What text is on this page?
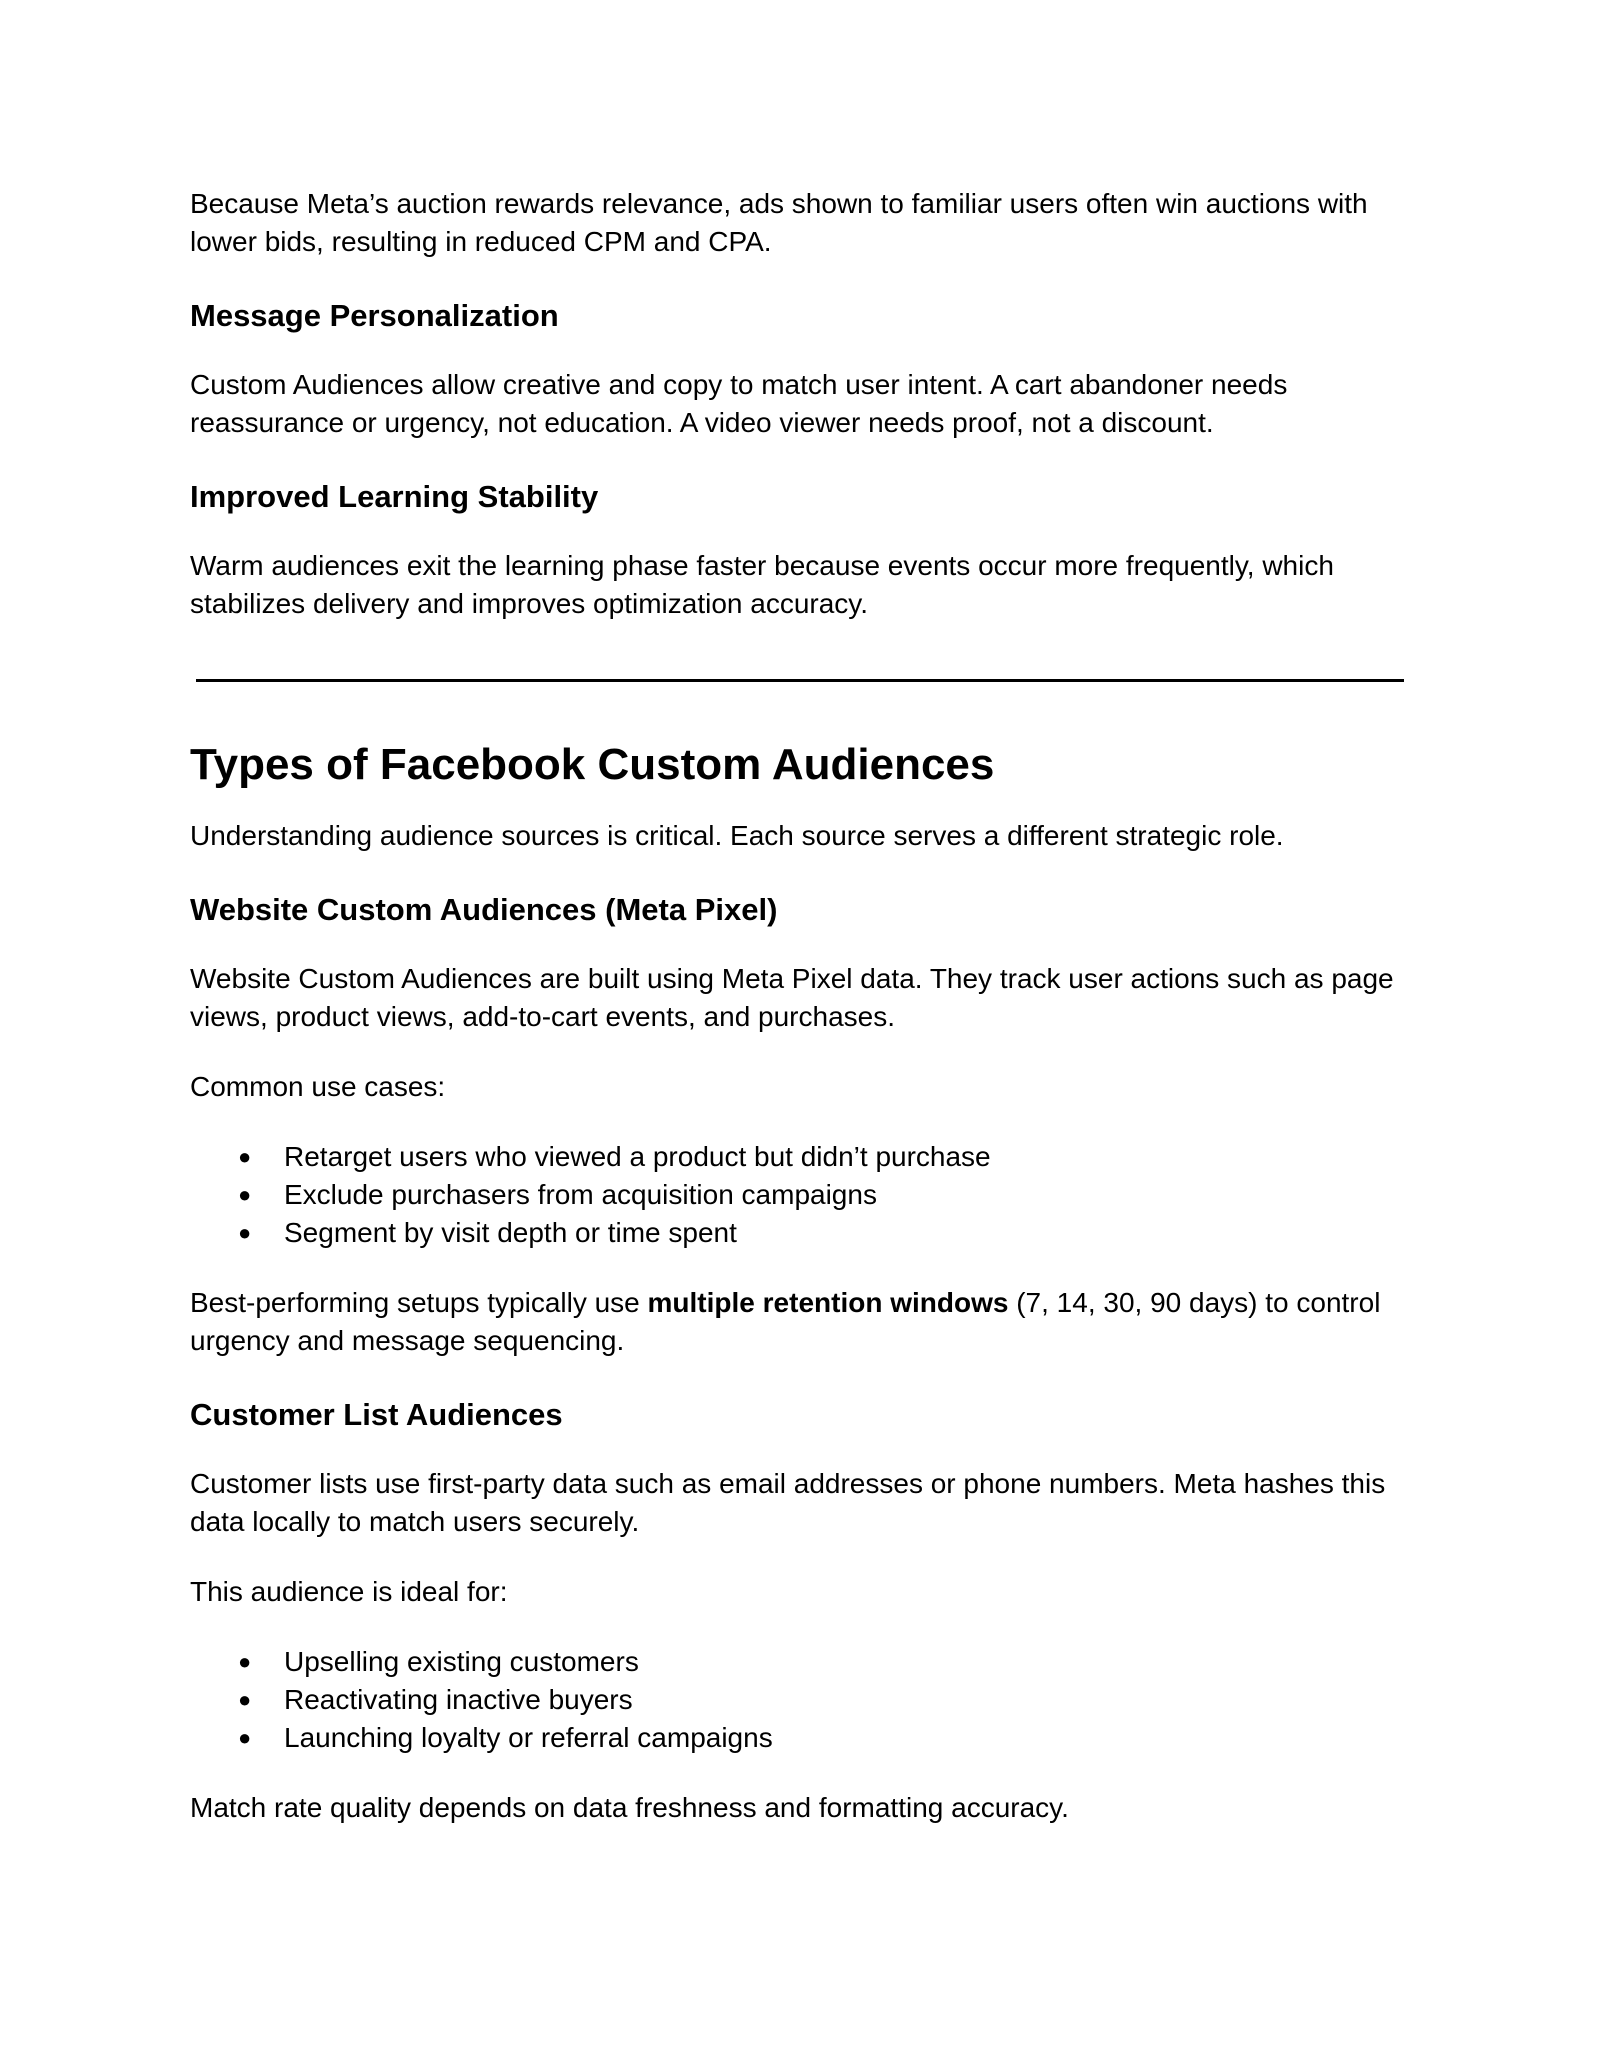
Because Meta’s auction rewards relevance, ads shown to familiar users often win auctions with lower bids, resulting in reduced CPM and CPA.

Message Personalization

Custom Audiences allow creative and copy to match user intent. A cart abandoner needs reassurance or urgency, not education. A video viewer needs proof, not a discount.

Improved Learning Stability

Warm audiences exit the learning phase faster because events occur more frequently, which stabilizes delivery and improves optimization accuracy.

Types of Facebook Custom Audiences

Understanding audience sources is critical. Each source serves a different strategic role.

Website Custom Audiences (Meta Pixel)

Website Custom Audiences are built using Meta Pixel data. They track user actions such as page views, product views, add-to-cart events, and purchases.

Common use cases:

● Retarget users who viewed a product but didn’t purchase
● Exclude purchasers from acquisition campaigns
● Segment by visit depth or time spent

Best-performing setups typically use multiple retention windows (7, 14, 30, 90 days) to control urgency and message sequencing.

Customer List Audiences

Customer lists use first-party data such as email addresses or phone numbers. Meta hashes this data locally to match users securely.

This audience is ideal for:

● Upselling existing customers
● Reactivating inactive buyers
● Launching loyalty or referral campaigns

Match rate quality depends on data freshness and formatting accuracy.
